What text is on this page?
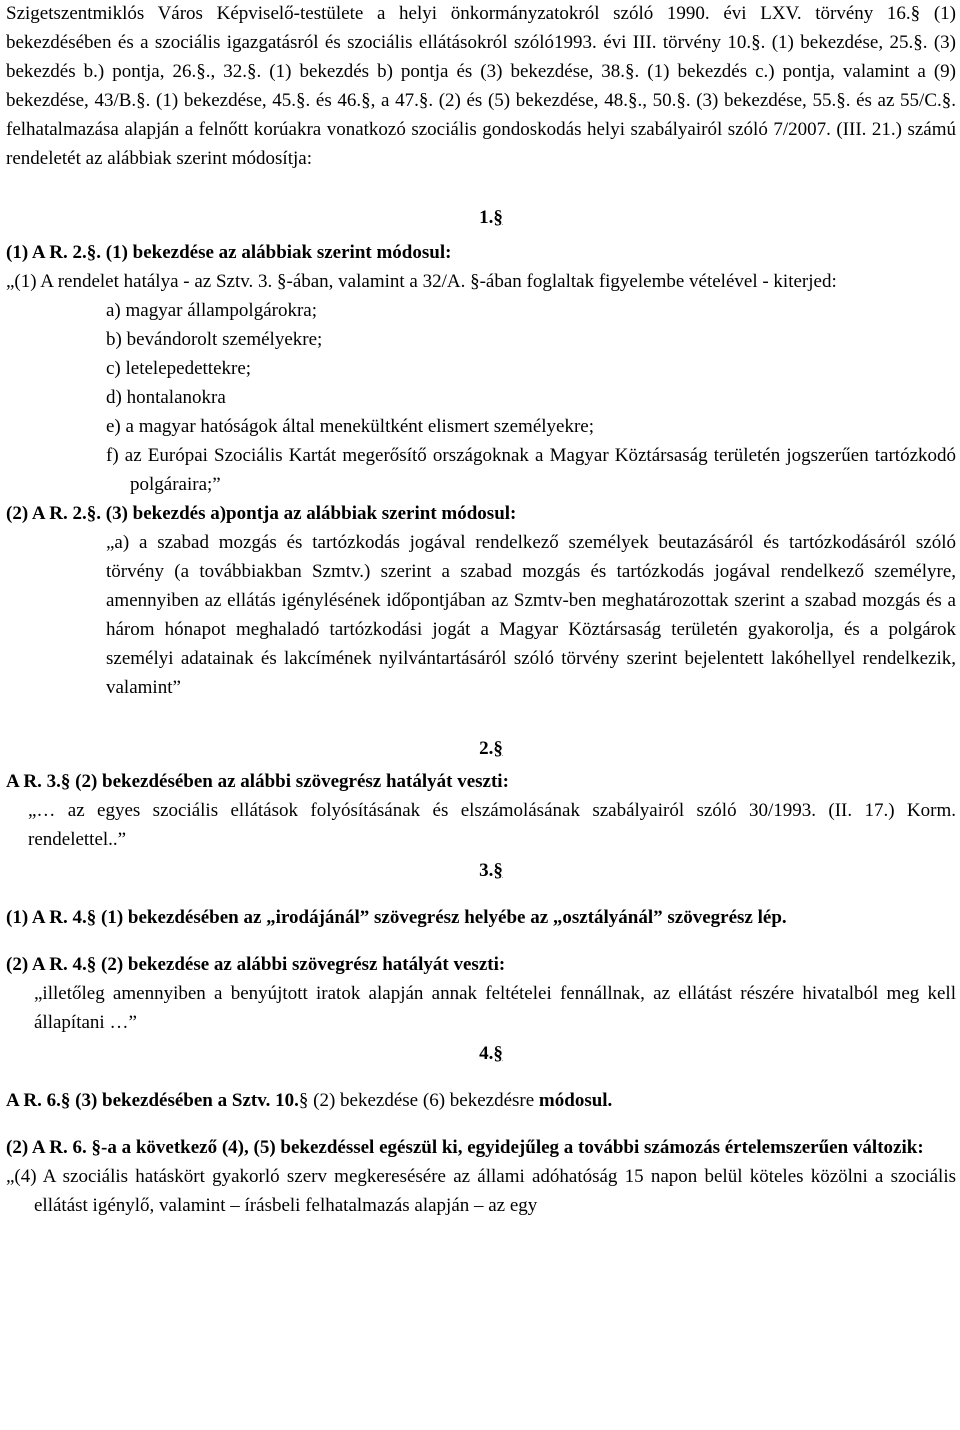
Szigetszentmiklós Város Képviselő-testülete a helyi önkormányzatokról szóló 1990. évi LXV. törvény 16.§ (1) bekezdésében és a szociális igazgatásról és szociális ellátásokról szóló1993. évi III. törvény 10.§. (1) bekezdése, 25.§. (3) bekezdés b.) pontja, 26.§., 32.§. (1) bekezdés b) pontja és (3) bekezdése, 38.§. (1) bekezdés c.) pontja, valamint a (9) bekezdése, 43/B.§. (1) bekezdése, 45.§. és 46.§, a 47.§. (2) és (5) bekezdése, 48.§., 50.§. (3) bekezdése, 55.§. és az 55/C.§. felhatalmazása alapján a felnőtt korúakra vonatkozó szociális gondoskodás helyi szabályairól szóló 7/2007. (III. 21.) számú rendeletét az alábbiak szerint módosítja:

1.§

(1) A R. 2.§. (1) bekezdése az alábbiak szerint módosul:

„(1) A rendelet hatálya - az Sztv. 3. §-ában, valamint a 32/A. §-ában foglaltak figyelembe vételével - kiterjed:

a) magyar állampolgárokra;
b) bevándorolt személyekre;
c) letelepedettekre;
d) hontalanokra
e) a magyar hatóságok által menekültként elismert személyekre;
f) az Európai Szociális Kartát megerősítő országoknak a Magyar Köztársaság területén jogszerűen tartózkodó polgáraira;”

(2) A R. 2.§. (3) bekezdés a)pontja az alábbiak szerint módosul:

„a) a szabad mozgás és tartózkodás jogával rendelkező személyek beutazásáról és tartózkodásáról szóló törvény (a továbbiakban Szmtv.) szerint a szabad mozgás és tartózkodás jogával rendelkező személyre, amennyiben az ellátás igénylésének időpontjában az Szmtv-ben meghatározottak szerint a szabad mozgás és a három hónapot meghaladó tartózkodási jogát a Magyar Köztársaság területén gyakorolja, és a polgárok személyi adatainak és lakcímének nyilvántartásáról szóló törvény szerint bejelentett lakóhellyel rendelkezik, valamint”

2.§

A R. 3.§ (2) bekezdésében az alábbi szövegrész hatályát veszti:

„… az egyes szociális ellátások folyósításának és elszámolásának szabályairól szóló 30/1993. (II. 17.) Korm. rendelettel..”

3.§

(1) A R. 4.§ (1) bekezdésében az „irodájánál” szövegrész helyébe az „osztályánál” szövegrész lép.

(2) A R. 4.§ (2) bekezdése az alábbi szövegrész hatályát veszti:

„illetőleg amennyiben a benyújtott iratok alapján annak feltételei fennállnak, az ellátást részére hivatalból meg kell állapítani …”

4.§

A R. 6.§ (3) bekezdésében a Sztv. 10.§ (2) bekezdése (6) bekezdésre módosul.

(2) A R. 6. §-a a következő (4), (5) bekezdéssel egészül ki, egyidejűleg a további számozás értelemszerűen változik:

„(4) A szociális hatáskört gyakorló szerv megkeresésére az állami adóhatóság 15 napon belül köteles közölni a szociális ellátást igénylő, valamint – írásbeli felhatalmazás alapján – az egy
